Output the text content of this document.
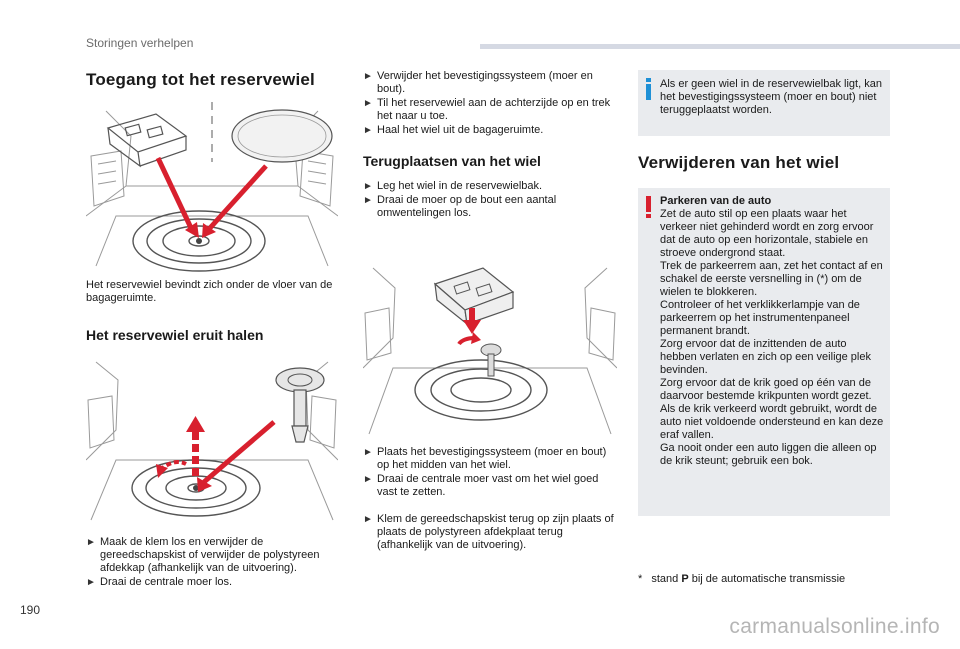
Storingen verhelpen
Toegang tot het reservewiel
Het reservewiel bevindt zich onder de vloer van de bagageruimte.
Het reservewiel eruit halen
► Maak de klem los en verwijder de gereedschapskist of verwijder de polystyreen afdekkap (afhankelijk van de uitvoering).
► Draai de centrale moer los.
► Verwijder het bevestigingssysteem (moer en bout).
► Til het reservewiel aan de achterzijde op en trek het naar u toe.
► Haal het wiel uit de bagageruimte.
Terugplaatsen van het wiel
► Leg het wiel in de reservewielbak.
► Draai de moer op de bout een aantal omwentelingen los.
► Plaats het bevestigingssysteem (moer en bout) op het midden van het wiel.
► Draai de centrale moer vast om het wiel goed vast te zetten.
► Klem de gereedschapskist terug op zijn plaats of plaats de polystyreen afdekplaat terug (afhankelijk van de uitvoering).
Als er geen wiel in de reservewielbak ligt, kan het bevestigingssysteem (moer en bout) niet teruggeplaatst worden.
Verwijderen van het wiel
Parkeren van de auto
Zet de auto stil op een plaats waar het verkeer niet gehinderd wordt en zorg ervoor dat de auto op een horizontale, stabiele en stroeve ondergrond staat.
Trek de parkeerrem aan, zet het contact af en schakel de eerste versnelling in (*) om de wielen te blokkeren.
Controleer of het verklikkerlampje van de parkeerrem op het instrumentenpaneel permanent brandt.
Zorg ervoor dat de inzittenden de auto hebben verlaten en zich op een veilige plek bevinden.
Zorg ervoor dat de krik goed op één van de daarvoor bestemde krikpunten wordt gezet.
Als de krik verkeerd wordt gebruikt, wordt de auto niet voldoende ondersteund en kan deze eraf vallen.
Ga nooit onder een auto liggen die alleen op de krik steunt; gebruik een bok.
* stand P bij de automatische transmissie
190
carmanualsonline.info
